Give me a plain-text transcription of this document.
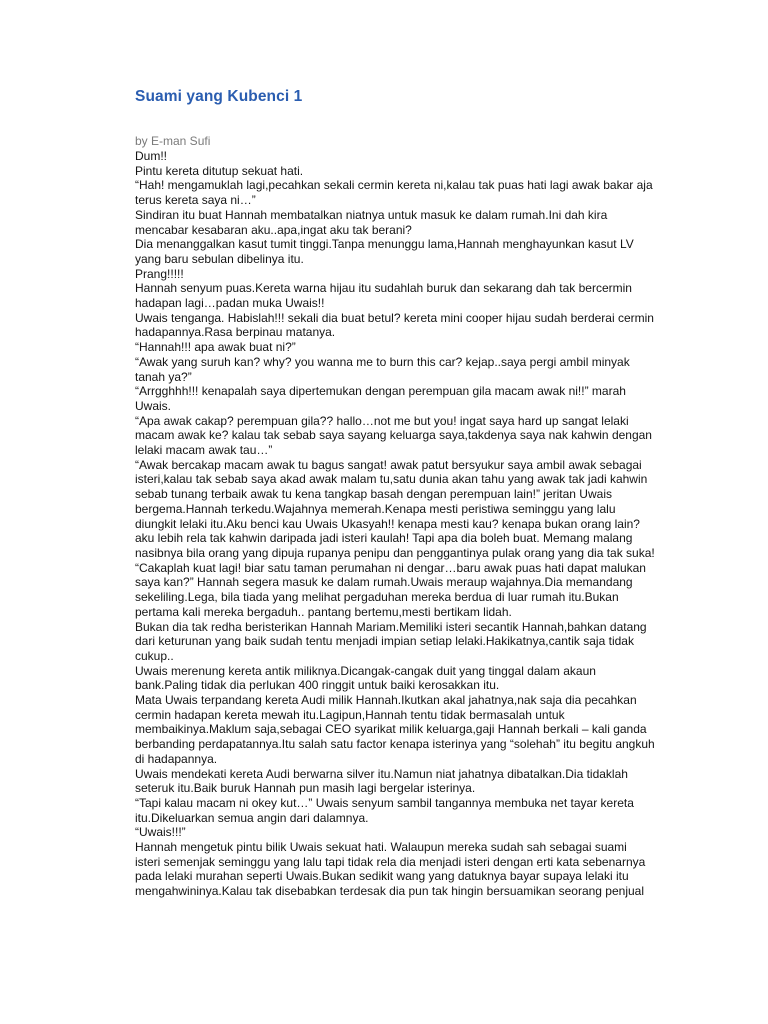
Suami yang Kubenci 1
by E-man Sufi
Dum!!
Pintu kereta ditutup sekuat hati.
“Hah! mengamuklah lagi,pecahkan sekali cermin kereta ni,kalau tak puas hati lagi awak bakar aja
terus kereta saya ni…”
Sindiran itu buat Hannah membatalkan niatnya untuk masuk ke dalam rumah.Ini dah kira
mencabar kesabaran aku..apa,ingat aku tak berani?
Dia menanggalkan kasut tumit tinggi.Tanpa menunggu lama,Hannah menghayunkan kasut LV
yang baru sebulan dibelinya itu.
Prang!!!!!
Hannah senyum puas.Kereta warna hijau itu sudahlah buruk dan sekarang dah tak bercermin
hadapan lagi…padan muka Uwais!!
Uwais tenganga. Habislah!!! sekali dia buat betul? kereta mini cooper hijau sudah berderai cermin
hadapannya.Rasa berpinau matanya.
“Hannah!!! apa awak buat ni?”
“Awak yang suruh kan? why? you wanna me to burn this car? kejap..saya pergi ambil minyak
tanah ya?”
“Arrgghhh!!! kenapalah saya dipertemukan dengan perempuan gila macam awak ni!!” marah
Uwais.
“Apa awak cakap? perempuan gila?? hallo…not me but you! ingat saya hard up sangat lelaki
macam awak ke? kalau tak sebab saya sayang keluarga saya,takdenya saya nak kahwin dengan
lelaki macam awak tau…”
“Awak bercakap macam awak tu bagus sangat! awak patut bersyukur saya ambil awak sebagai
isteri,kalau tak sebab saya akad awak malam tu,satu dunia akan tahu yang awak tak jadi kahwin
sebab tunang terbaik awak tu kena tangkap basah dengan perempuan lain!” jeritan Uwais
bergema.Hannah terkedu.Wajahnya memerah.Kenapa mesti peristiwa seminggu yang lalu
diungkit lelaki itu.Aku benci kau Uwais Ukasyah!! kenapa mesti kau? kenapa bukan orang lain?
aku lebih rela tak kahwin daripada jadi isteri kaulah! Tapi apa dia boleh buat. Memang malang
nasibnya bila orang yang dipuja rupanya penipu dan penggantinya pulak orang yang dia tak suka!
“Cakaplah kuat lagi! biar satu taman perumahan ni dengar…baru awak puas hati dapat malukan
saya kan?” Hannah segera masuk ke dalam rumah.Uwais meraup wajahnya.Dia memandang
sekeliling.Lega, bila tiada yang melihat pergaduhan mereka berdua di luar rumah itu.Bukan
pertama kali mereka bergaduh.. pantang bertemu,mesti bertikam lidah.
Bukan dia tak redha beristerikan Hannah Mariam.Memiliki isteri secantik Hannah,bahkan datang
dari keturunan yang baik sudah tentu menjadi impian setiap lelaki.Hakikatnya,cantik saja tidak
cukup..
Uwais merenung kereta antik miliknya.Dicangak-cangak duit yang tinggal dalam akaun
bank.Paling tidak dia perlukan 400 ringgit untuk baiki kerosakkan itu.
Mata Uwais terpandang kereta Audi milik Hannah.Ikutkan akal jahatnya,nak saja dia pecahkan
cermin hadapan kereta mewah itu.Lagipun,Hannah tentu tidak bermasalah untuk
membaikinya.Maklum saja,sebagai CEO syarikat milik keluarga,gaji Hannah berkali – kali ganda
berbanding perdapatannya.Itu salah satu factor kenapa isterinya yang “solehah” itu begitu angkuh
di hadapannya.
Uwais mendekati kereta Audi berwarna silver itu.Namun niat jahatnya dibatalkan.Dia tidaklah
seteruk itu.Baik buruk Hannah pun masih lagi bergelar isterinya.
“Tapi kalau macam ni okey kut…” Uwais senyum sambil tangannya membuka net tayar kereta
itu.Dikeluarkan semua angin dari dalamnya.
“Uwais!!!”
Hannah mengetuk pintu bilik Uwais sekuat hati. Walaupun mereka sudah sah sebagai suami
isteri semenjak seminggu yang lalu tapi tidak rela dia menjadi isteri dengan erti kata sebenarnya
pada lelaki murahan seperti Uwais.Bukan sedikit wang yang datuknya bayar supaya lelaki itu
mengahwininya.Kalau tak disebabkan terdesak dia pun tak hingin bersuamikan seorang penjual
